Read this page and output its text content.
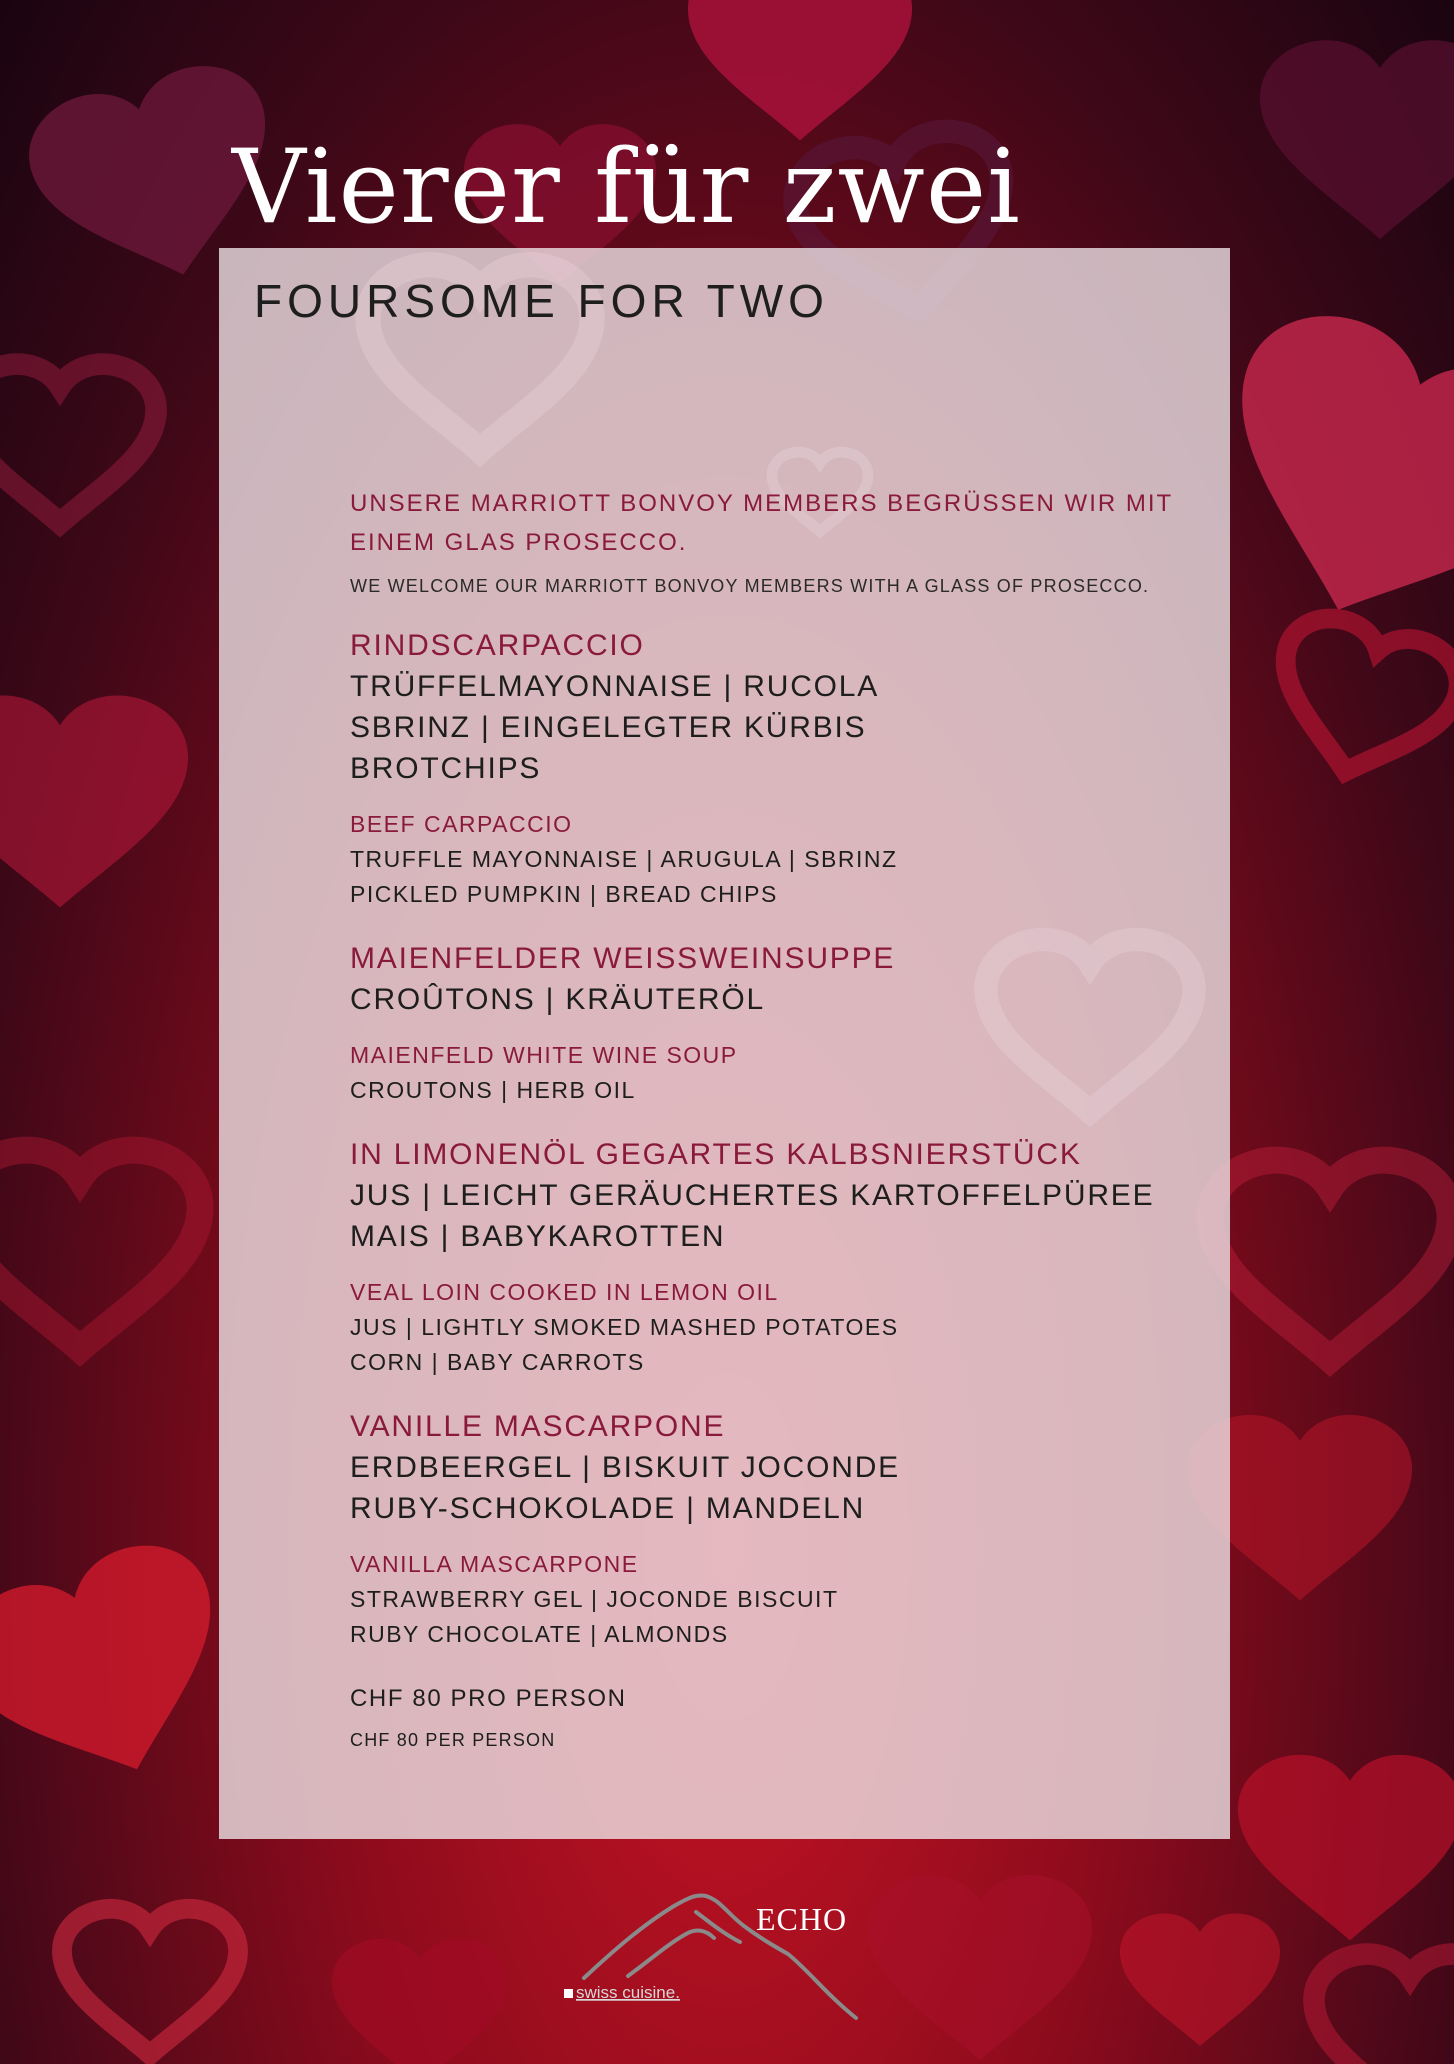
Vierer für zwei
FOURSOME FOR TWO

UNSERE MARRIOTT BONVOY MEMBERS BEGRÜSSEN WIR MIT EINEM GLAS PROSECCO.

WE WELCOME OUR MARRIOTT BONVOY MEMBERS WITH A GLASS OF PROSECCO.

RINDSCARPACCIO
TRÜFFELMAYONNAISE | RUCOLA
SBRINZ | EINGELEGTER KÜRBIS
BROTCHIPS
BEEF CARPACCIO
TRUFFLE MAYONNAISE | ARUGULA | SBRINZ
PICKLED PUMPKIN | BREAD CHIPS
MAIENFELDER WEISSWEINSUPPE
CROÛTONS | KRÄUTERÖL
MAIENFELD WHITE WINE SOUP
CROUTONS | HERB OIL
IN LIMONENÖL GEGARTES KALBSNIERSTÜCK
JUS | LEICHT GERÄUCHERTES KARTOFFELPÜREE
MAIS | BABYKAROTTEN
VEAL LOIN COOKED IN LEMON OIL
JUS | LIGHTLY SMOKED MASHED POTATOES
CORN | BABY CARROTS
VANILLE MASCARPONE
ERDBEERGEL | BISKUIT JOCONDE
RUBY-SCHOKOLADE | MANDELN
VANILLA MASCARPONE
STRAWBERRY GEL | JOCONDE BISCUIT
RUBY CHOCOLATE | ALMONDS
CHF 80 PRO PERSON
CHF 80 PER PERSON
ECHO
swiss cuisine.
